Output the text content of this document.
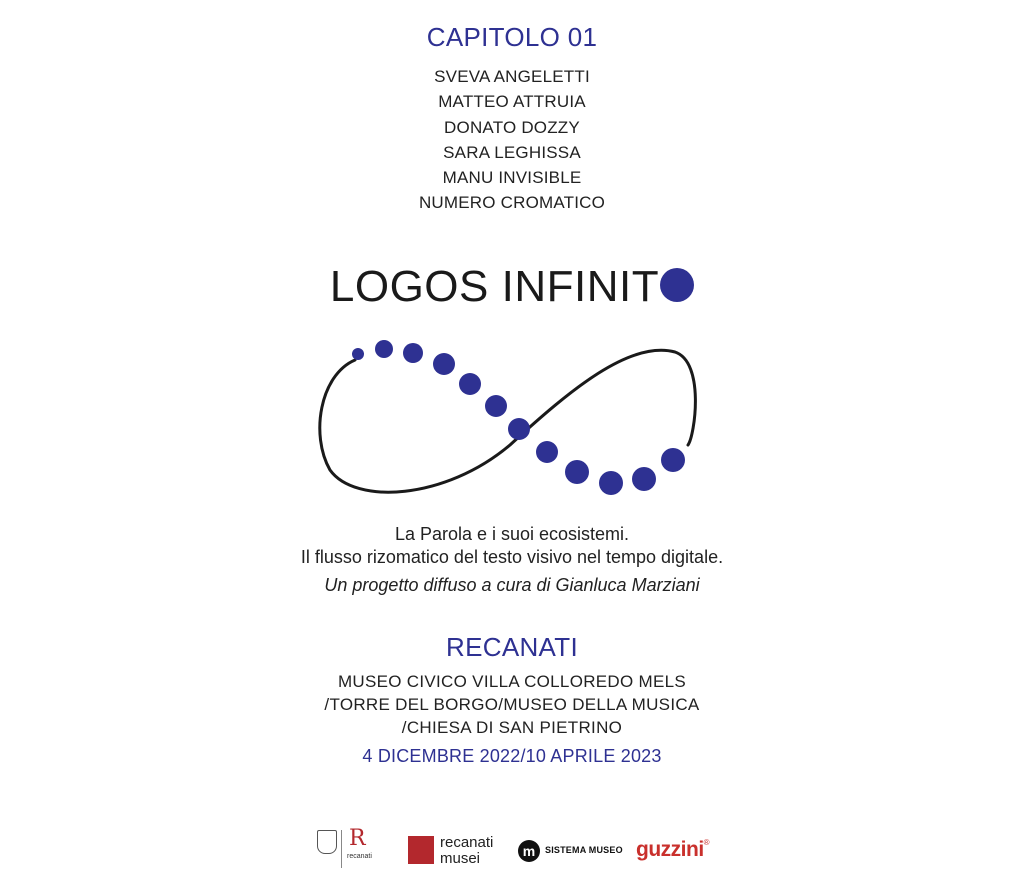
CAPITOLO 01
SVEVA ANGELETTI
MATTEO ATTRUIA
DONATO DOZZY
SARA LEGHISSA
MANU INVISIBLE
NUMERO CROMATICO
LOGOS INFINIT
La Parola e i suoi ecosistemi.
Il flusso rizomatico del testo visivo nel tempo digitale.
Un progetto diffuso a cura di Gianluca Marziani
RECANATI
MUSEO CIVICO VILLA COLLOREDO MELS
/TORRE DEL BORGO/MUSEO DELLA MUSICA
/CHIESA DI SAN PIETRINO
4 DICEMBRE 2022/10 APRILE 2023
R
recanati
recanati
musei	m	SISTEMA MUSEO guzzini®
